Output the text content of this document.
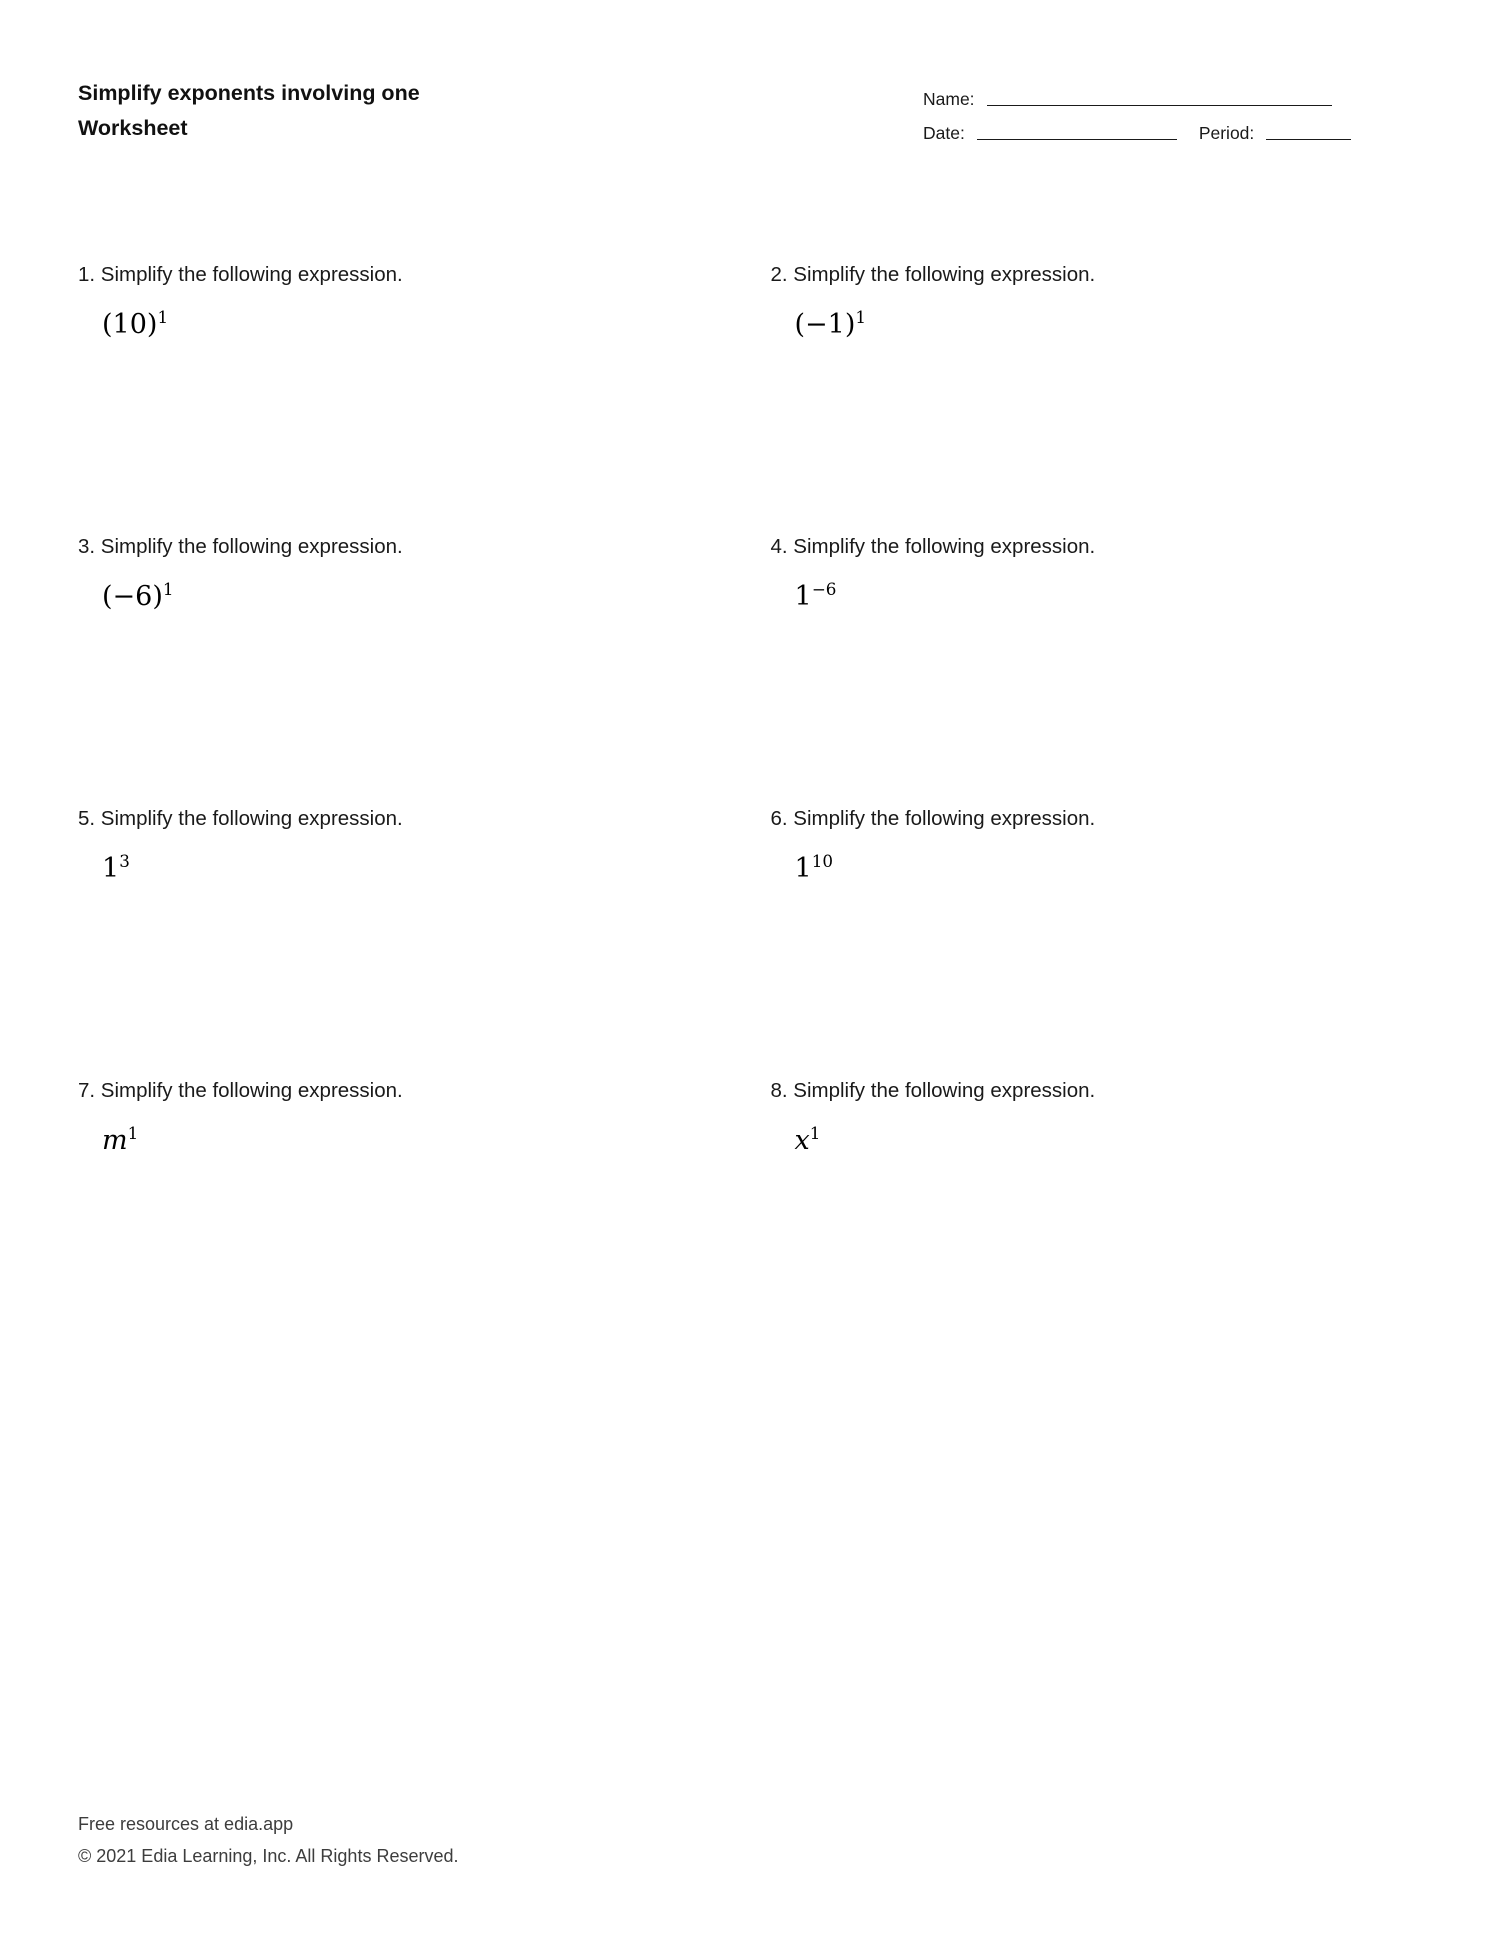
Simplify exponents involving one
Worksheet
Name:
Date:	Period:
1. Simplify the following expression.
$(10)^1$
2. Simplify the following expression.
$(-1)^1$
3. Simplify the following expression.
$(-6)^1$
4. Simplify the following expression.
$1^{-6}$
5. Simplify the following expression.
$1^3$
6. Simplify the following expression.
$1^{10}$
7. Simplify the following expression.
$m^1$
8. Simplify the following expression.
$x^1$
Free resources at edia.app
© 2021 Edia Learning, Inc. All Rights Reserved.
